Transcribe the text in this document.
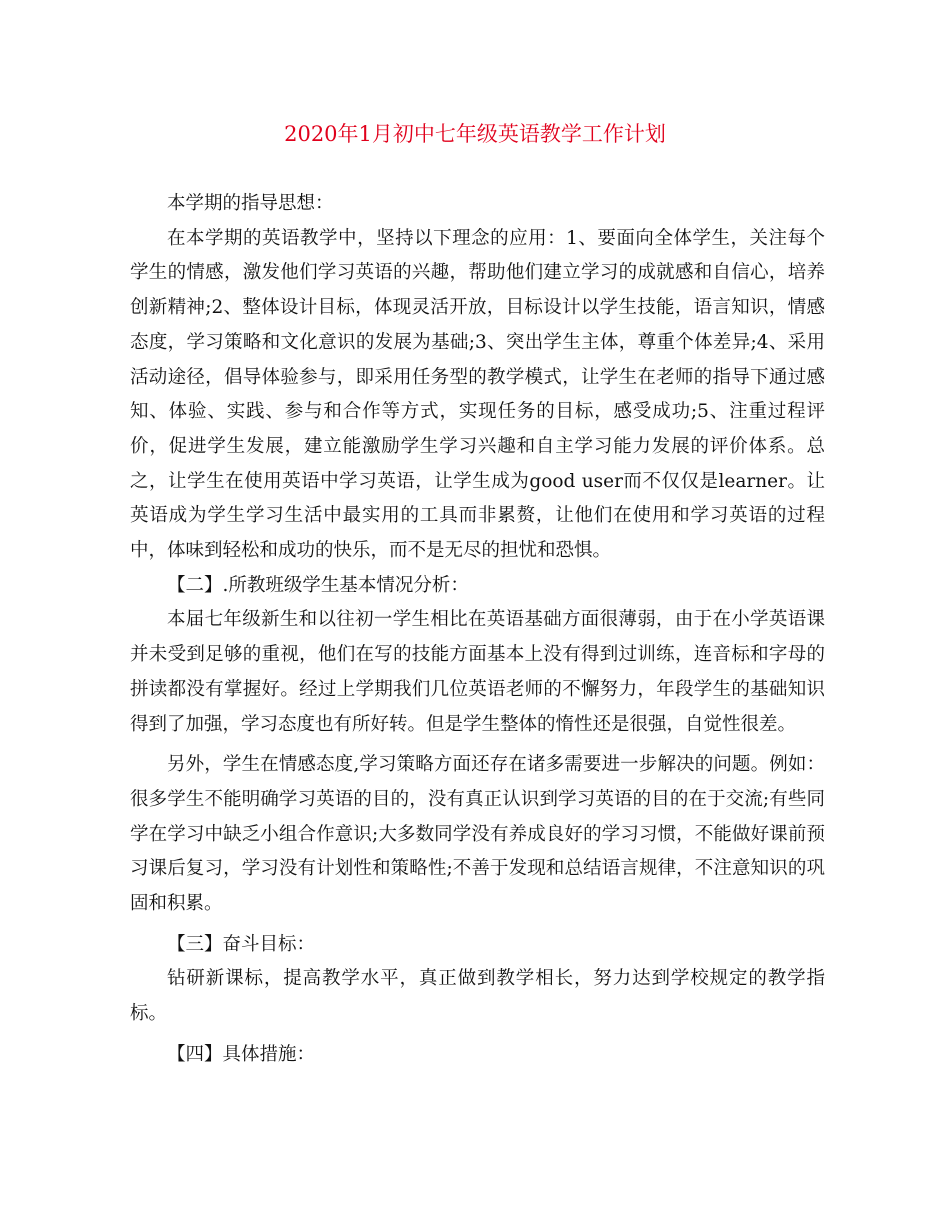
2020年1月初中七年级英语教学工作计划

本学期的指导思想：

在本学期的英语教学中，坚持以下理念的应用：1、要面向全体学生，关注每个学生的情感，激发他们学习英语的兴趣，帮助他们建立学习的成就感和自信心，培养创新精神;2、整体设计目标，体现灵活开放，目标设计以学生技能，语言知识，情感态度，学习策略和文化意识的发展为基础;3、突出学生主体，尊重个体差异;4、采用活动途径，倡导体验参与，即采用任务型的教学模式，让学生在老师的指导下通过感知、体验、实践、参与和合作等方式，实现任务的目标，感受成功;5、注重过程评价，促进学生发展，建立能激励学生学习兴趣和自主学习能力发展的评价体系。总之，让学生在使用英语中学习英语，让学生成为good user而不仅仅是learner。让英语成为学生学习生活中最实用的工具而非累赘，让他们在使用和学习英语的过程中，体味到轻松和成功的快乐，而不是无尽的担忧和恐惧。

【二】.所教班级学生基本情况分析：

本届七年级新生和以往初一学生相比在英语基础方面很薄弱，由于在小学英语课并未受到足够的重视，他们在写的技能方面基本上没有得到过训练，连音标和字母的拼读都没有掌握好。经过上学期我们几位英语老师的不懈努力，年段学生的基础知识得到了加强，学习态度也有所好转。但是学生整体的惰性还是很强，自觉性很差。

另外，学生在情感态度,学习策略方面还存在诸多需要进一步解决的问题。例如：很多学生不能明确学习英语的目的，没有真正认识到学习英语的目的在于交流;有些同学在学习中缺乏小组合作意识;大多数同学没有养成良好的学习习惯，不能做好课前预习课后复习，学习没有计划性和策略性;不善于发现和总结语言规律，不注意知识的巩固和积累。

【三】奋斗目标：

钻研新课标，提高教学水平，真正做到教学相长，努力达到学校规定的教学指标。

【四】具体措施：
